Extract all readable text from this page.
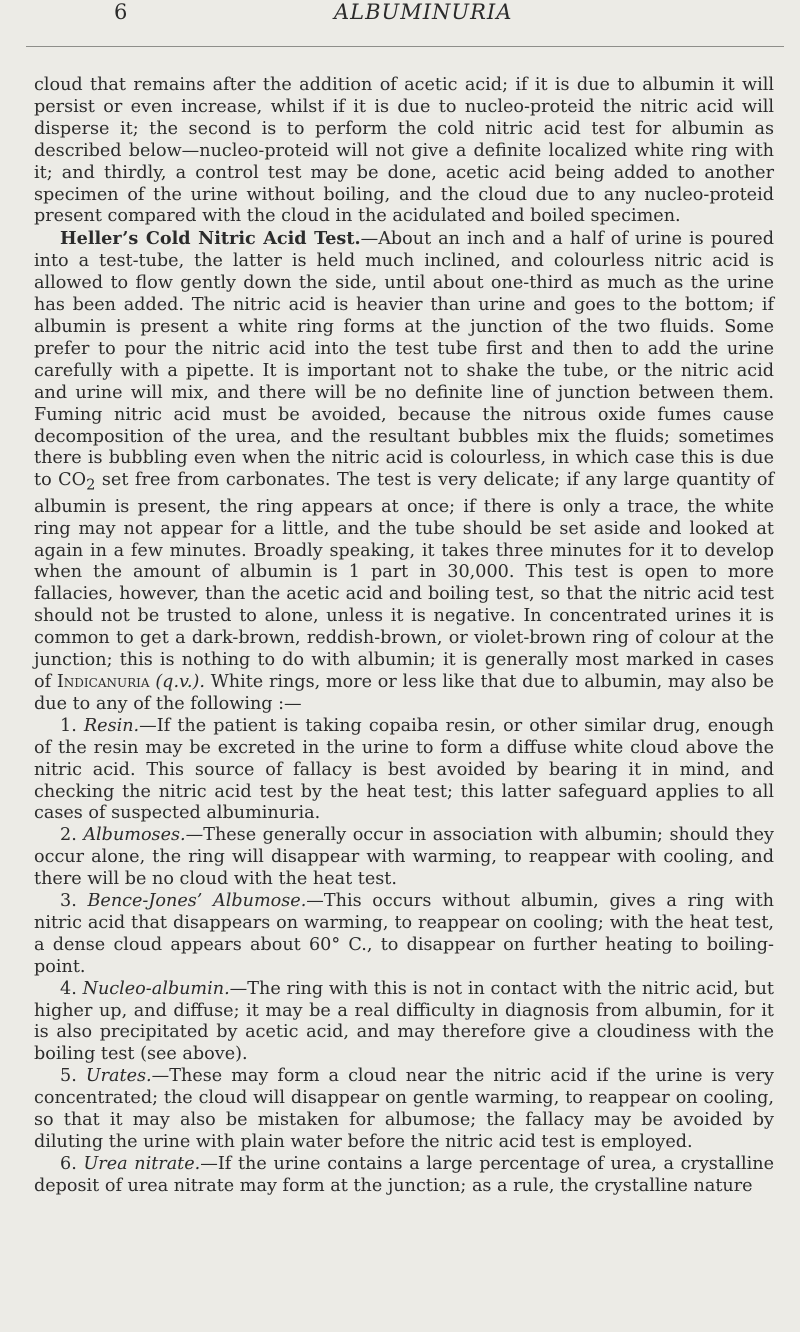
6	ALBUMINURIA

cloud that remains after the addition of acetic acid; if it is due to albumin it will persist or even increase, whilst if it is due to nucleo-proteid the nitric acid will disperse it; the second is to perform the cold nitric acid test for albumin as described below—nucleo-proteid will not give a definite localized white ring with it; and thirdly, a control test may be done, acetic acid being added to another specimen of the urine without boiling, and the cloud due to any nucleo-proteid present compared with the cloud in the acidulated and boiled specimen.

Heller’s Cold Nitric Acid Test.—About an inch and a half of urine is poured into a test-tube, the latter is held much inclined, and colourless nitric acid is allowed to flow gently down the side, until about one-third as much as the urine has been added. The nitric acid is heavier than urine and goes to the bottom; if albumin is present a white ring forms at the junction of the two fluids. Some prefer to pour the nitric acid into the test tube first and then to add the urine carefully with a pipette. It is important not to shake the tube, or the nitric acid and urine will mix, and there will be no definite line of junction between them. Fuming nitric acid must be avoided, because the nitrous oxide fumes cause decomposition of the urea, and the resultant bubbles mix the fluids; sometimes there is bubbling even when the nitric acid is colourless, in which case this is due to $CO_2$ set free from carbonates. The test is very delicate; if any large quantity of albumin is present, the ring appears at once; if there is only a trace, the white ring may not appear for a little, and the tube should be set aside and looked at again in a few minutes. Broadly speaking, it takes three minutes for it to develop when the amount of albumin is 1 part in 30,000. This test is open to more fallacies, however, than the acetic acid and boiling test, so that the nitric acid test should not be trusted to alone, unless it is negative. In concentrated urines it is common to get a dark-brown, reddish-brown, or violet-brown ring of colour at the junction; this is nothing to do with albumin; it is generally most marked in cases of Indicanuria (q.v.). White rings, more or less like that due to albumin, may also be due to any of the following :—

1. Resin.—If the patient is taking copaiba resin, or other similar drug, enough of the resin may be excreted in the urine to form a diffuse white cloud above the nitric acid. This source of fallacy is best avoided by bearing it in mind, and checking the nitric acid test by the heat test; this latter safeguard applies to all cases of suspected albuminuria.

2. Albumoses.—These generally occur in association with albumin; should they occur alone, the ring will disappear with warming, to reappear with cooling, and there will be no cloud with the heat test.

3. Bence-Jones’ Albumose.—This occurs without albumin, gives a ring with nitric acid that disappears on warming, to reappear on cooling; with the heat test, a dense cloud appears about 60° C., to disappear on further heating to boiling-point.

4. Nucleo-albumin.—The ring with this is not in contact with the nitric acid, but higher up, and diffuse; it may be a real difficulty in diagnosis from albumin, for it is also precipitated by acetic acid, and may therefore give a cloudiness with the boiling test (see above).

5. Urates.—These may form a cloud near the nitric acid if the urine is very concentrated; the cloud will disappear on gentle warming, to reappear on cooling, so that it may also be mistaken for albumose; the fallacy may be avoided by diluting the urine with plain water before the nitric acid test is employed.

6. Urea nitrate.—If the urine contains a large percentage of urea, a crystalline deposit of urea nitrate may form at the junction; as a rule, the crystalline nature
